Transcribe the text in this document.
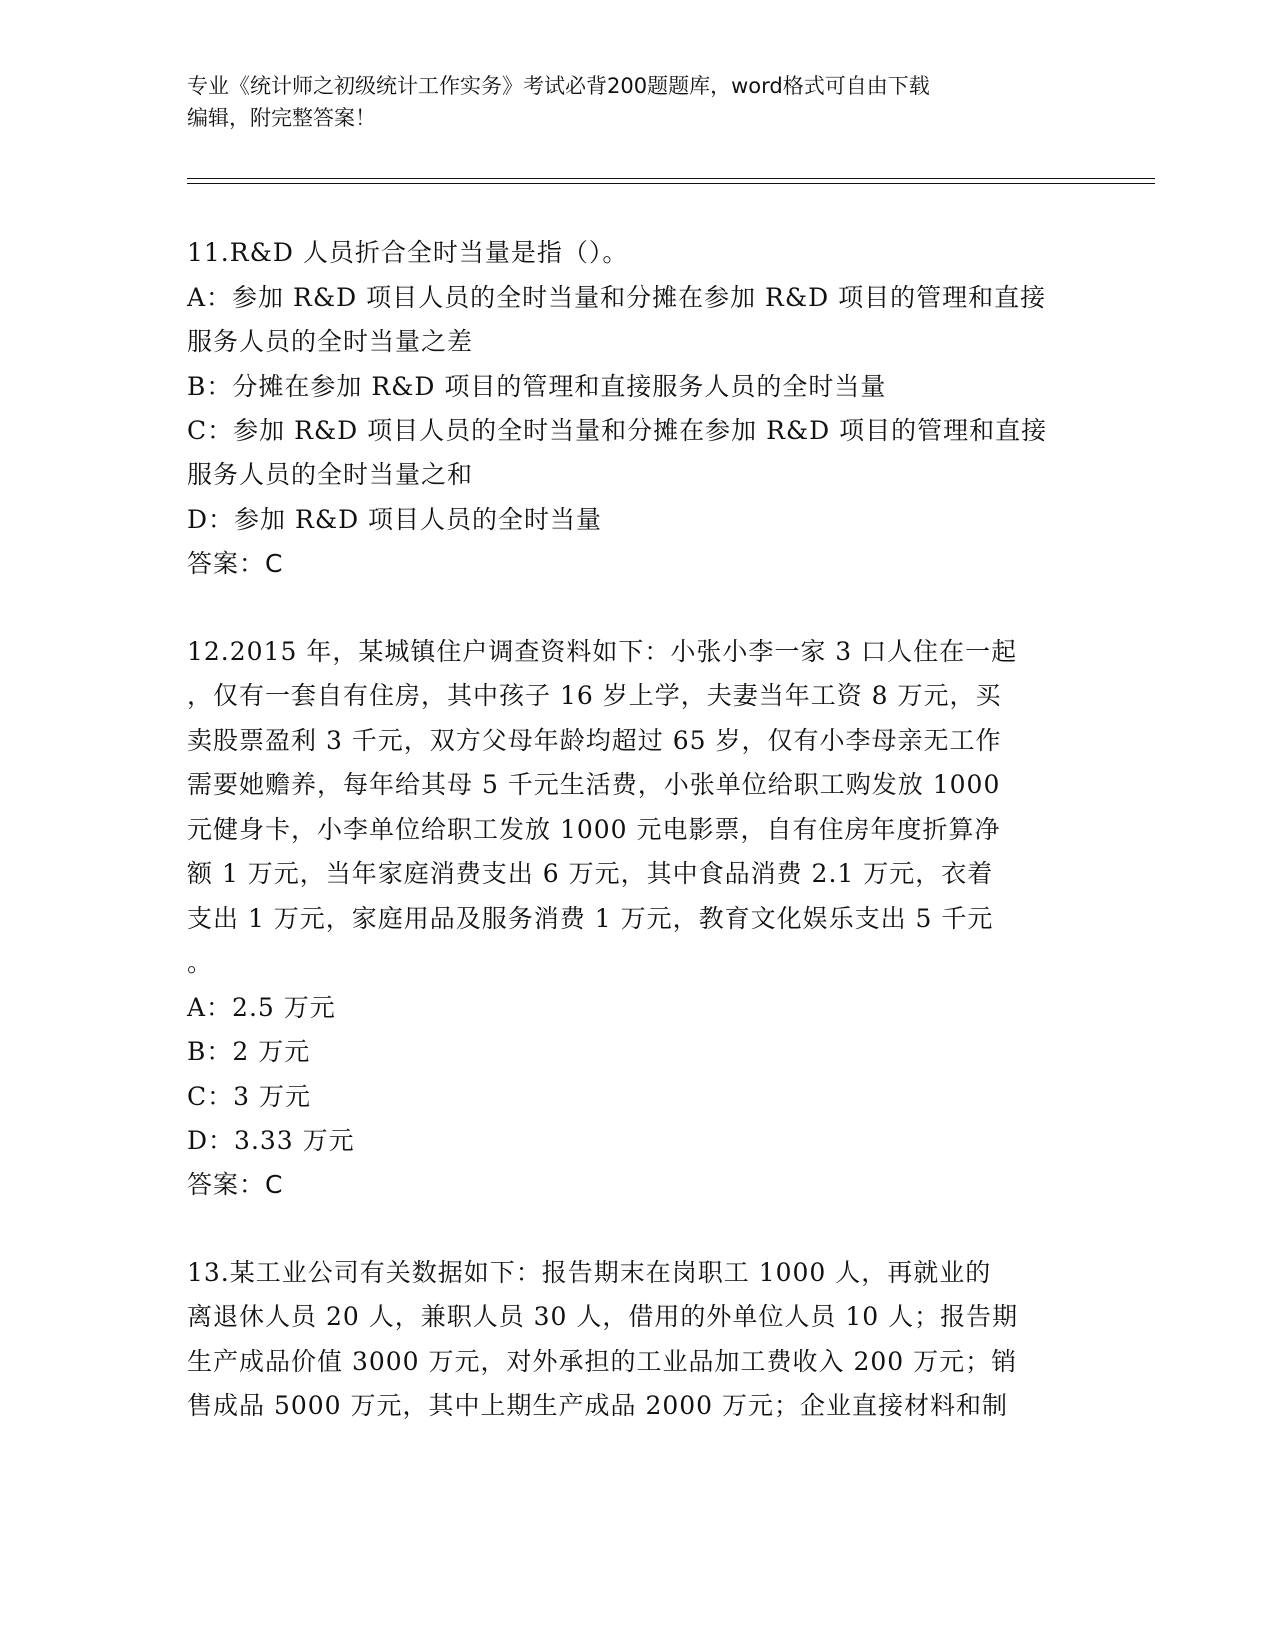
专业《统计师之初级统计工作实务》考试必背200题题库，word格式可自由下载
编辑，附完整答案！
11.R&D 人员折合全时当量是指（）。
A：参加 R&D 项目人员的全时当量和分摊在参加 R&D 项目的管理和直接
服务人员的全时当量之差
B：分摊在参加 R&D 项目的管理和直接服务人员的全时当量
C：参加 R&D 项目人员的全时当量和分摊在参加 R&D 项目的管理和直接
服务人员的全时当量之和
D：参加 R&D 项目人员的全时当量
答案：C
12.2015 年，某城镇住户调查资料如下：小张小李一家 3 口人住在一起
，仅有一套自有住房，其中孩子 16 岁上学，夫妻当年工资 8 万元，买
卖股票盈利 3 千元，双方父母年龄均超过 65 岁，仅有小李母亲无工作
需要她赡养，每年给其母 5 千元生活费，小张单位给职工购发放 1000
元健身卡，小李单位给职工发放 1000 元电影票，自有住房年度折算净
额 1 万元，当年家庭消费支出 6 万元，其中食品消费 2.1 万元，衣着
支出 1 万元，家庭用品及服务消费 1 万元，教育文化娱乐支出 5 千元
。
A：2.5 万元
B：2 万元
C：3 万元
D：3.33 万元
答案：C
13.某工业公司有关数据如下：报告期末在岗职工 1000 人，再就业的
离退休人员 20 人，兼职人员 30 人，借用的外单位人员 10 人；报告期
生产成品价值 3000 万元，对外承担的工业品加工费收入 200 万元；销
售成品 5000 万元，其中上期生产成品 2000 万元；企业直接材料和制
